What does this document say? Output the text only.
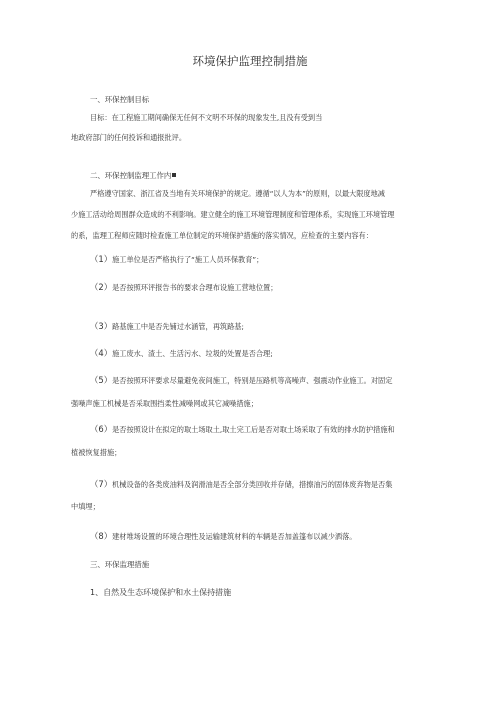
环境保护监理控制措施
一、环保控制目标
目标：在工程施工期间确保无任何不文明不环保的现象发生,且没有受到当
地政府部门的任何投诉和通报批评。
二、环保控制监理工作内
严格遵守国家、浙江省及当地有关环境保护的规定。遵循“以人为本”的原则，以最大限度地减
少施工活动给周围群众造成的不利影响。建立健全的施工环境管理制度和管理体系，实现施工环境管理
的系，监理工程师应随时检查施工单位制定的环境保护措施的落实情况，应检查的主要内容有：
（1）施工单位是否严格执行了“施工人员环保教育”；
（2）是否按照环评报告书的要求合理布设施工营地位置；
（3）路基施工中是否先铺过水涵管，再筑路基;
（4）施工废水、渣土、生活污水、垃圾的处置是否合理;
（5）是否按照环评要求尽量避免夜间施工，特别是压路机等高噪声、强震动作业施工。对固定
强噪声施工机械是否采取围挡柔性减噪网或其它减噪措施；
（6）是否按照设计在拟定的取土场取土,取土完工后是否对取土场采取了有效的排水防护措施和
植被恢复措施；
（7）机械设备的各类废油料及润滑油是否全部分类回收并存储，措擦油污的固体废弃物是否集
中填埋；
（8）建材堆场设置的环境合理性及运输建筑材料的车辆是否加盖篷布以减少洒落。
三、环保监理措施
1、自然及生态环境保护和水土保持措施
